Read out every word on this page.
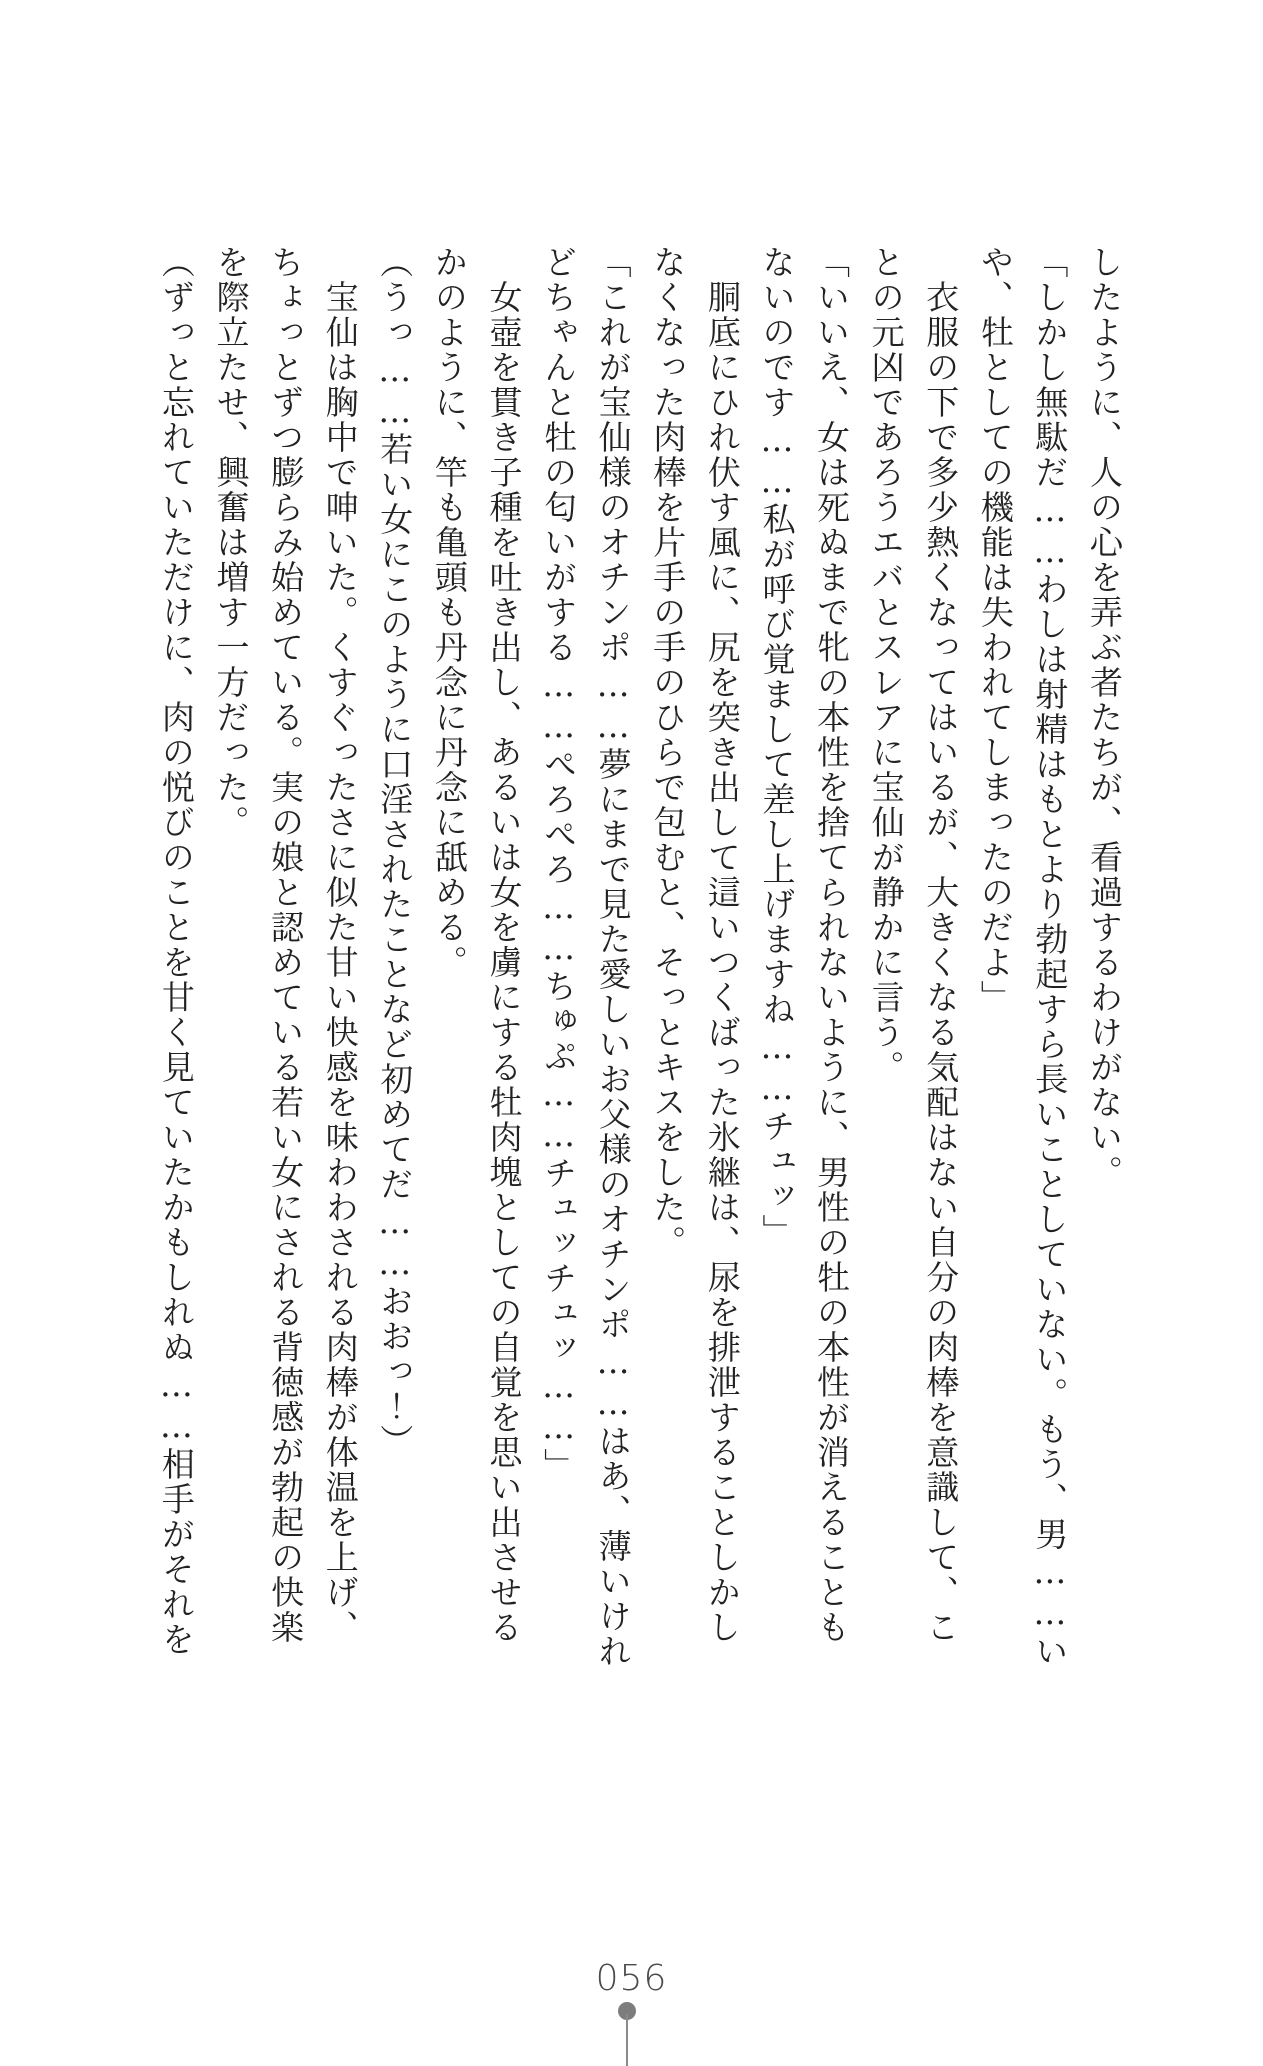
したように、人の心を弄ぶ者たちが、看過するわけがない。
「しかし無駄だ……わしは射精はもとより勃起すら長いことしていない。もう、男……い
や、牡としての機能は失われてしまったのだよ」
衣服の下で多少熱くなってはいるが、大きくなる気配はない自分の肉棒を意識して、こ
との元凶であろうエバとスレアに宝仙が静かに言う。
「いいえ、女は死ぬまで牝の本性を捨てられないように、男性の牡の本性が消えることも
ないのです……私が呼び覚まして差し上げますね……チュッ」
胴底にひれ伏す風に、尻を突き出して這いつくばった氷継は、尿を排泄することしかし
なくなった肉棒を片手の手のひらで包むと、そっとキスをした。
「これが宝仙様のオチンポ……夢にまで見た愛しいお父様のオチンポ……はあ、薄いけれ
どちゃんと牡の匂いがする……ぺろぺろ……ちゅぷ……チュッチュッ……」
女壺を貫き子種を吐き出し、あるいは女を虜にする牡肉塊としての自覚を思い出させる
かのように、竿も亀頭も丹念に丹念に舐める。
（うっ……若い女にこのように口淫されたことなど初めてだ……おおっ！）
宝仙は胸中で呻いた。くすぐったさに似た甘い快感を味わわされる肉棒が体温を上げ、
ちょっとずつ膨らみ始めている。実の娘と認めている若い女にされる背徳感が勃起の快楽
を際立たせ、興奮は増す一方だった。
（ずっと忘れていただけに、肉の悦びのことを甘く見ていたかもしれぬ……相手がそれを
056
